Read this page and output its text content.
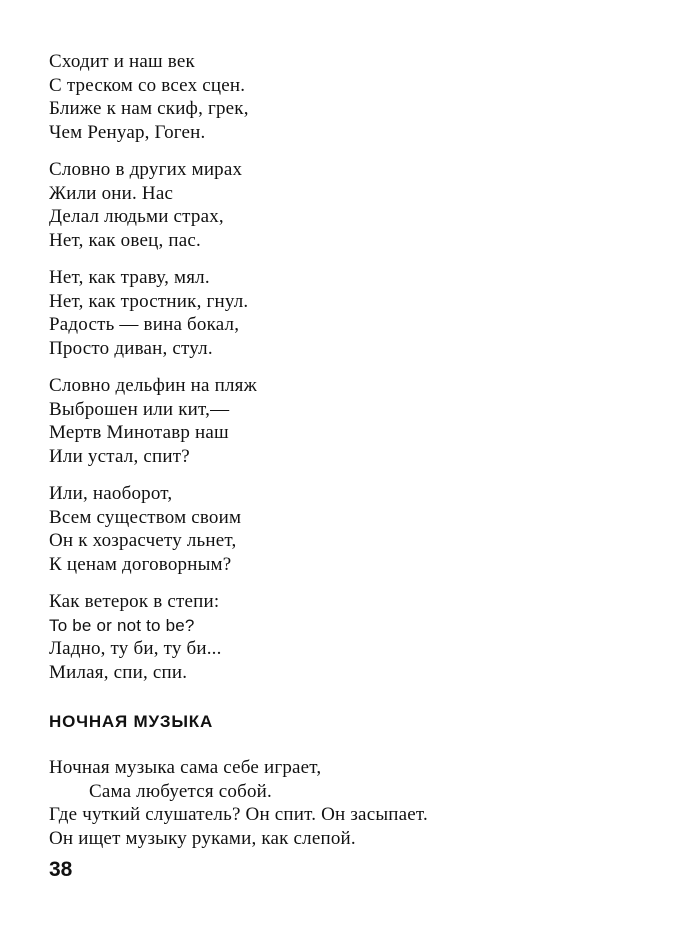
Сходит и наш век
С треском со всех сцен.
Ближе к нам скиф, грек,
Чем Ренуар, Гоген.
Словно в других мирах
Жили они. Нас
Делал людьми страх,
Нет, как овец, пас.
Нет, как траву, мял.
Нет, как тростник, гнул.
Радость — вина бокал,
Просто диван, стул.
Словно дельфин на пляж
Выброшен или кит,—
Мертв Минотавр наш
Или устал, спит?
Или, наоборот,
Всем существом своим
Он к хозрасчету льнет,
К ценам договорным?
Как ветерок в степи:
To be or not to be?
Ладно, ту би, ту би...
Милая, спи, спи.
НОЧНАЯ МУЗЫКА
Ночная музыка сама себе играет,
Сама любуется собой.
Где чуткий слушатель? Он спит. Он засыпает.
Он ищет музыку руками, как слепой.
38
